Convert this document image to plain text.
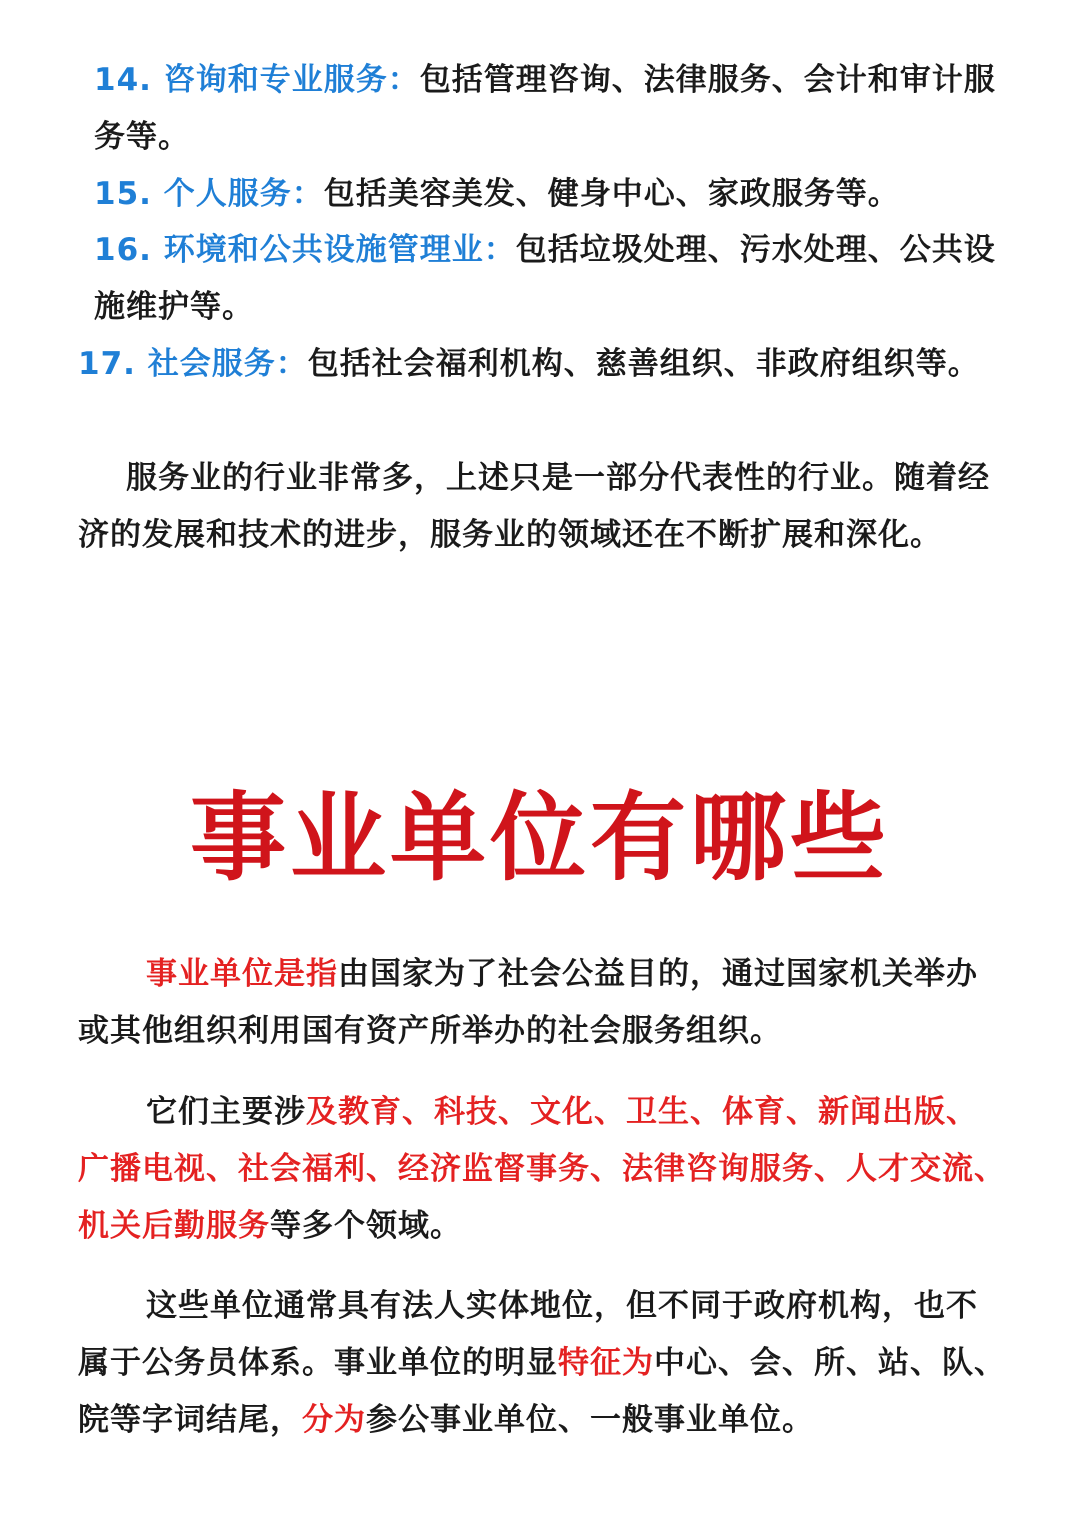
14. 咨询和专业服务：包括管理咨询、法律服务、会计和审计服务等。

15. 个人服务：包括美容美发、健身中心、家政服务等。

16. 环境和公共设施管理业：包括垃圾处理、污水处理、公共设施维护等。

17. 社会服务：包括社会福利机构、慈善组织、非政府组织等。

服务业的行业非常多，上述只是一部分代表性的行业。随着经济的发展和技术的进步，服务业的领域还在不断扩展和深化。

事业单位有哪些

事业单位是指由国家为了社会公益目的，通过国家机关举办或其他组织利用国有资产所举办的社会服务组织。

它们主要涉及教育、科技、文化、卫生、体育、新闻出版、广播电视、社会福利、经济监督事务、法律咨询服务、人才交流、机关后勤服务等多个领域。

这些单位通常具有法人实体地位，但不同于政府机构，也不属于公务员体系。事业单位的明显特征为中心、会、所、站、队、院等字词结尾，分为参公事业单位、一般事业单位。
